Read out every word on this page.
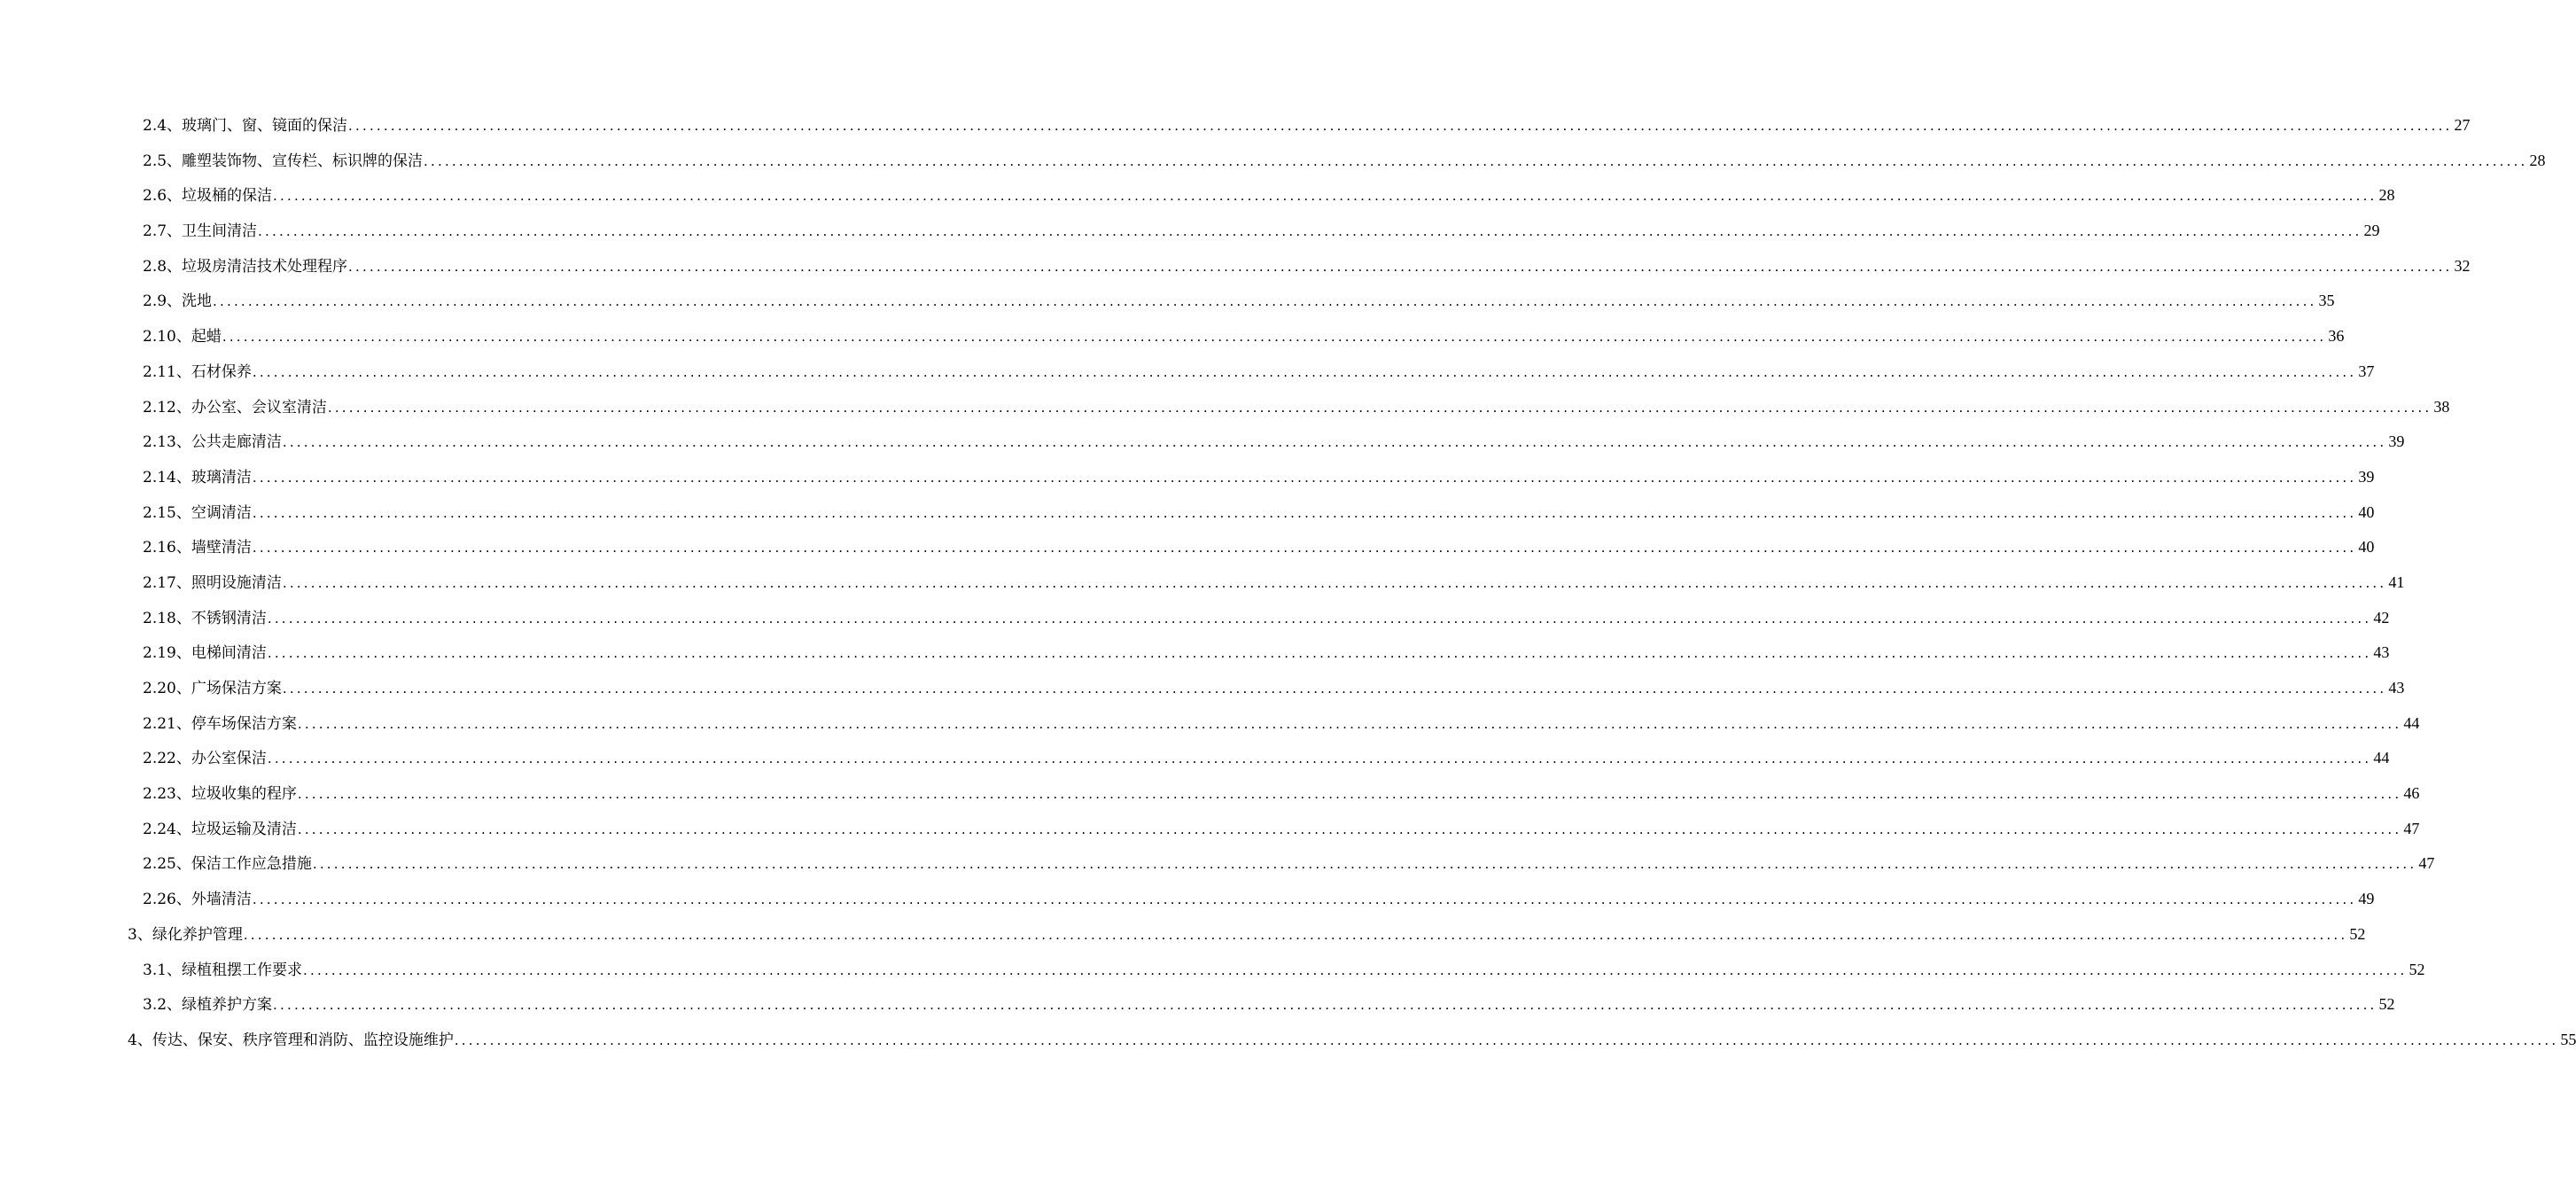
2.4、玻璃门、窗、镜面的保洁 .......................................................................................................................................................................................................................................................................................................... 27
2.5、雕塑装饰物、宣传栏、标识牌的保洁 .......................................................................................................................................................................................................................................................................................................... 28
2.6、垃圾桶的保洁 .......................................................................................................................................................................................................................................................................................................... 28
2.7、卫生间清洁 .......................................................................................................................................................................................................................................................................................................... 29
2.8、垃圾房清洁技术处理程序 .......................................................................................................................................................................................................................................................................................................... 32
2.9、洗地 .......................................................................................................................................................................................................................................................................................................... 35
2.10、起蜡 .......................................................................................................................................................................................................................................................................................................... 36
2.11、石材保养 .......................................................................................................................................................................................................................................................................................................... 37
2.12、办公室、会议室清洁 .......................................................................................................................................................................................................................................................................................................... 38
2.13、公共走廊清洁 .......................................................................................................................................................................................................................................................................................................... 39
2.14、玻璃清洁 .......................................................................................................................................................................................................................................................................................................... 39
2.15、空调清洁 .......................................................................................................................................................................................................................................................................................................... 40
2.16、墙壁清洁 .......................................................................................................................................................................................................................................................................................................... 40
2.17、照明设施清洁 .......................................................................................................................................................................................................................................................................................................... 41
2.18、不锈钢清洁 .......................................................................................................................................................................................................................................................................................................... 42
2.19、电梯间清洁 .......................................................................................................................................................................................................................................................................................................... 43
2.20、广场保洁方案 .......................................................................................................................................................................................................................................................................................................... 43
2.21、停车场保洁方案 .......................................................................................................................................................................................................................................................................................................... 44
2.22、办公室保洁 .......................................................................................................................................................................................................................................................................................................... 44
2.23、垃圾收集的程序 .......................................................................................................................................................................................................................................................................................................... 46
2.24、垃圾运输及清洁 .......................................................................................................................................................................................................................................................................................................... 47
2.25、保洁工作应急措施 .......................................................................................................................................................................................................................................................................................................... 47
2.26、外墙清洁 .......................................................................................................................................................................................................................................................................................................... 49
3、绿化养护管理 .......................................................................................................................................................................................................................................................................................................... 52
3.1、绿植租摆工作要求 .......................................................................................................................................................................................................................................................................................................... 52
3.2、绿植养护方案 .......................................................................................................................................................................................................................................................................................................... 52
4、传达、保安、秩序管理和消防、监控设施维护 .......................................................................................................................................................................................................................................................................................................... 55
